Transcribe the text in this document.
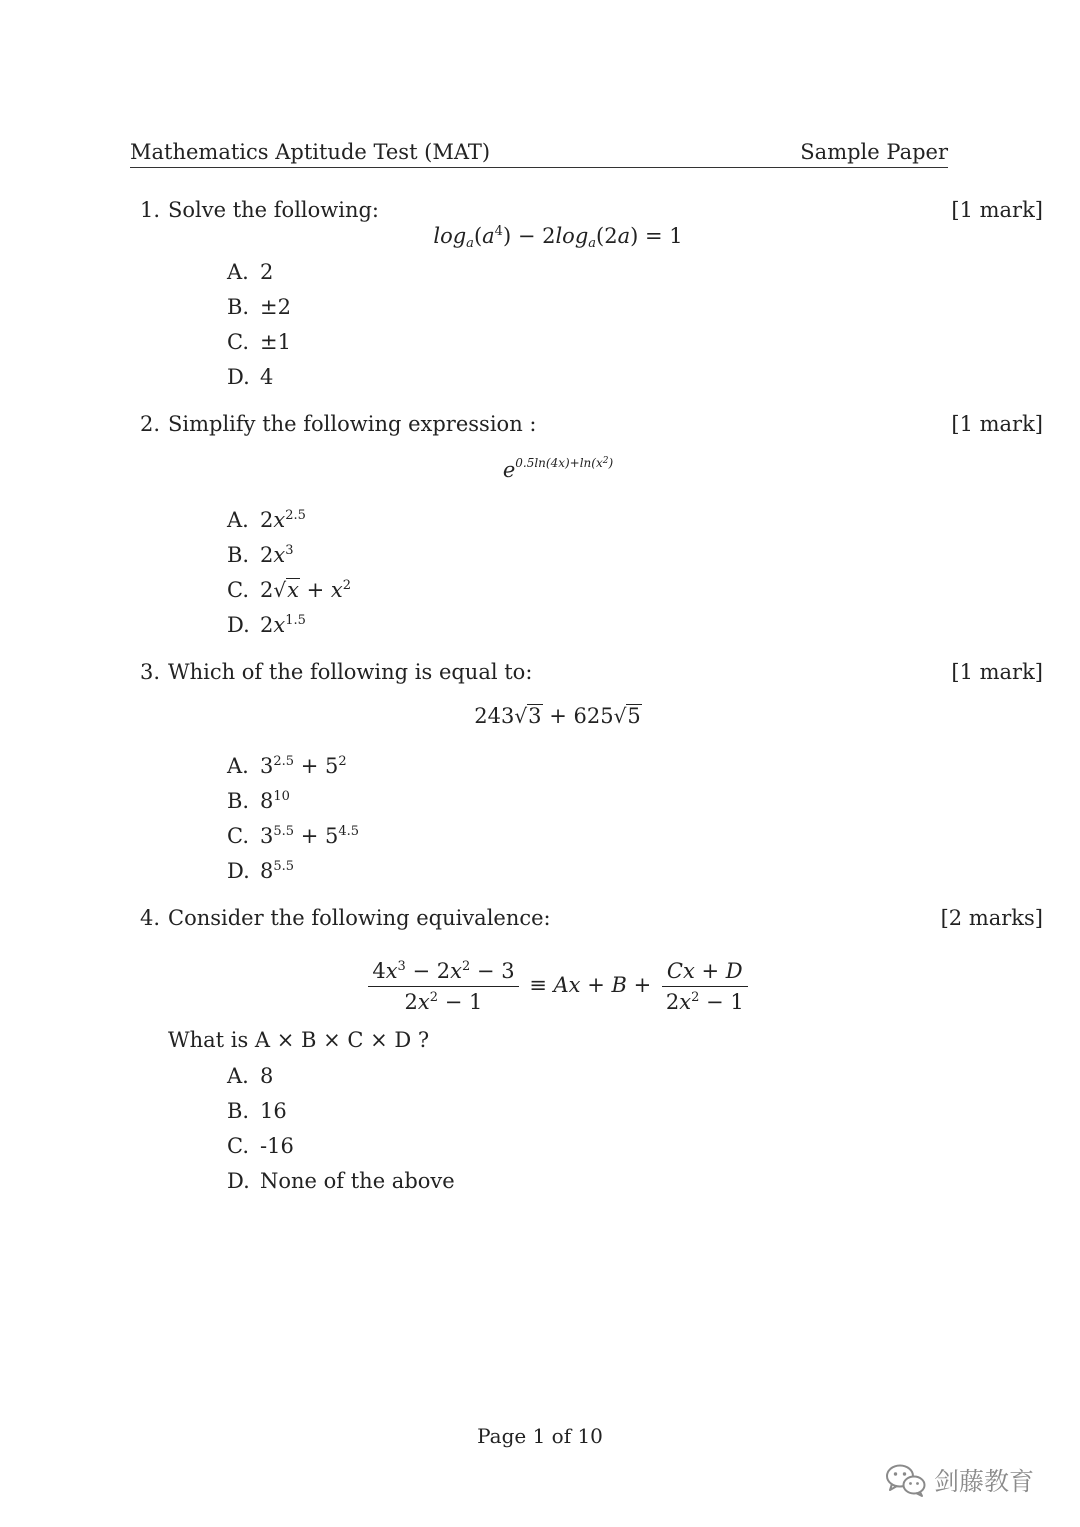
Mathematics Aptitude Test (MAT)	Sample Paper
1. Solve the following:	[1 mark]
$\log_a(a^4) - 2\log_a(2a) = 1$
A. 2
B. ±2
C. ±1
D. 4
2. Simplify the following expression :	[1 mark]
$e^{0.5ln(4x)+ln(x^2)}$
A. $2x^{2.5}$
B. $2x^3$
C. $2√x + x^2$
D. $2x^{1.5}$
3. Which of the following is equal to:	[1 mark]
243√3 + 625√5
A. $3^{2.5} + 5^2$
B. $8^{10}$
C. $3^{5.5} + 5^{4.5}$
D. $8^{5.5}$
4. Consider the following equivalence:	[2 marks]
$\frac{4x^3 - 2x^2 - 3}{2x^2 - 1} \equiv Ax + B + \frac{Cx + D}{2x^2 - 1}$
What is A × B × C × D ?
A. 8
B. 16
C. -16
D. None of the above
Page 1 of 10
剑藤教育
